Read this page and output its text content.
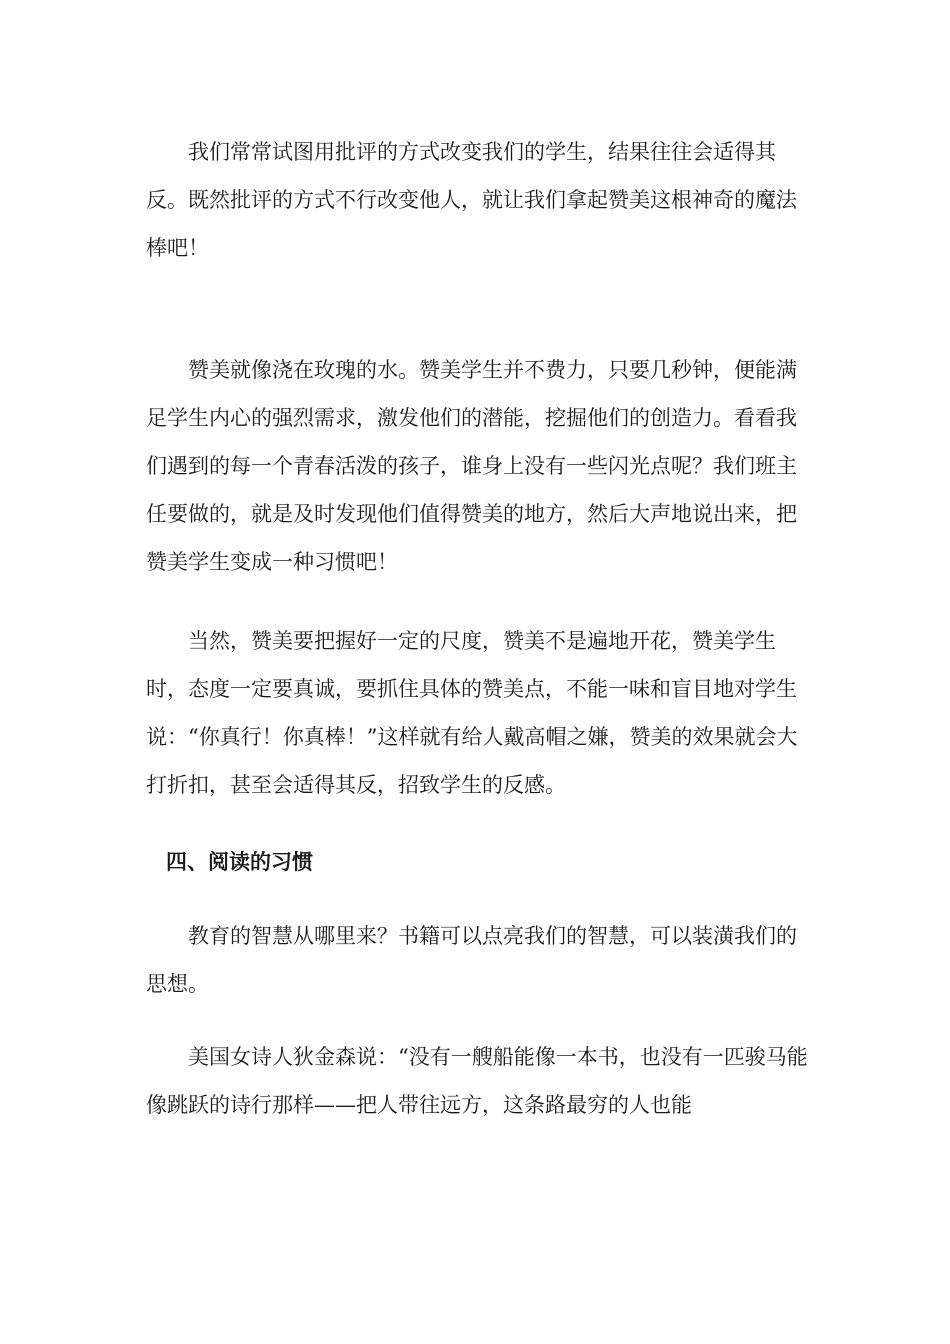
我们常常试图用批评的方式改变我们的学生，结果往往会适得其反。既然批评的方式不行改变他人，就让我们拿起赞美这根神奇的魔法棒吧！

赞美就像浇在玫瑰的水。赞美学生并不费力，只要几秒钟，便能满足学生内心的强烈需求，激发他们的潜能，挖掘他们的创造力。看看我们遇到的每一个青春活泼的孩子，谁身上没有一些闪光点呢？我们班主任要做的，就是及时发现他们值得赞美的地方，然后大声地说出来，把赞美学生变成一种习惯吧！

当然，赞美要把握好一定的尺度，赞美不是遍地开花，赞美学生时，态度一定要真诚，要抓住具体的赞美点，不能一味和盲目地对学生说：“你真行！你真棒！”这样就有给人戴高帽之嫌，赞美的效果就会大打折扣，甚至会适得其反，招致学生的反感。

四、阅读的习惯

教育的智慧从哪里来？书籍可以点亮我们的智慧，可以装潢我们的思想。

美国女诗人狄金森说：“没有一艘船能像一本书，也没有一匹骏马能像跳跃的诗行那样——把人带往远方，这条路最穷的人也能
